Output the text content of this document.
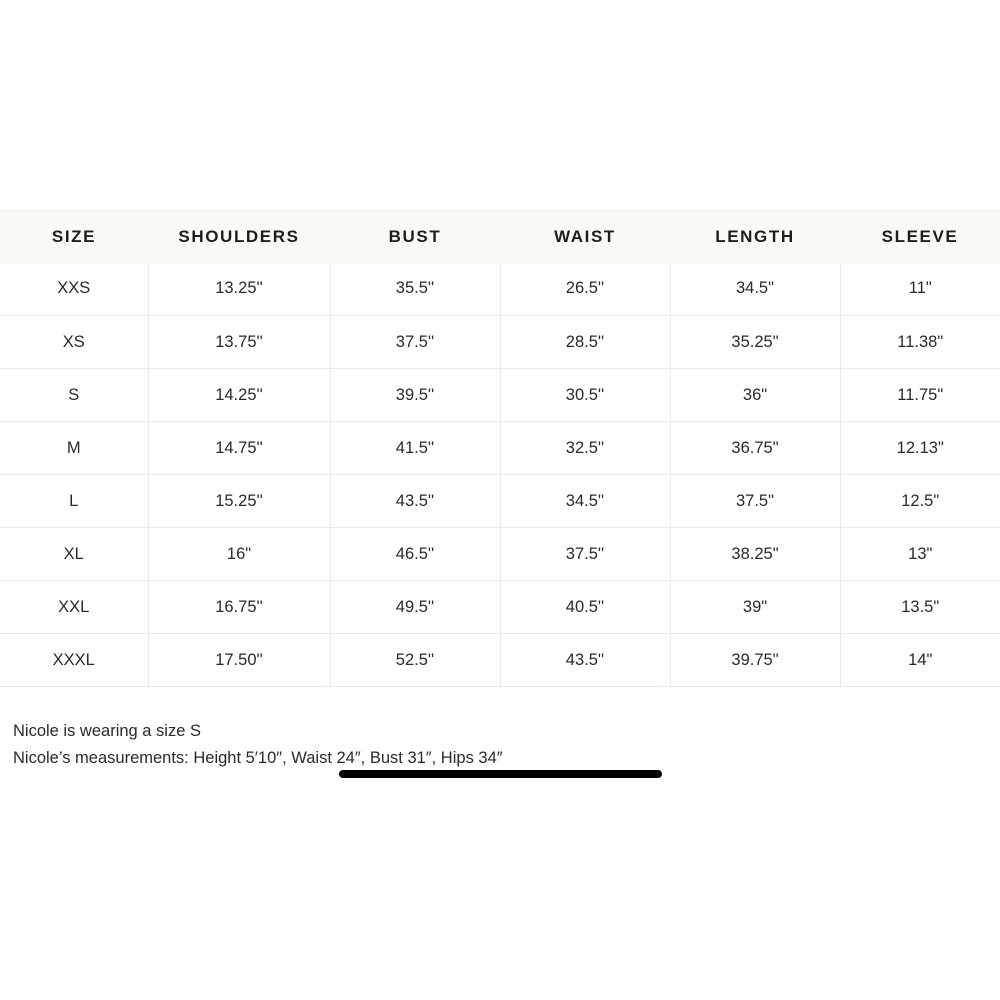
SIZE	SHOULDERS	BUST	WAIST	LENGTH	SLEEVE
XXS	13.25''	35.5''	26.5''	34.5"	11"
XS	13.75''	37.5''	28.5''	35.25"	11.38"
S	14.25''	39.5''	30.5''	36"	11.75"
M	14.75''	41.5''	32.5''	36.75"	12.13"
L	15.25''	43.5''	34.5''	37.5"	12.5"
XL	16"	46.5''	37.5''	38.25"	13"
XXL	16.75''	49.5''	40.5''	39"	13.5"
XXXL	17.50''	52.5''	43.5''	39.75"	14"
Nicole is wearing a size S
Nicole’s measurements: Height 5′10″, Waist 24″, Bust 31″, Hips 34″
